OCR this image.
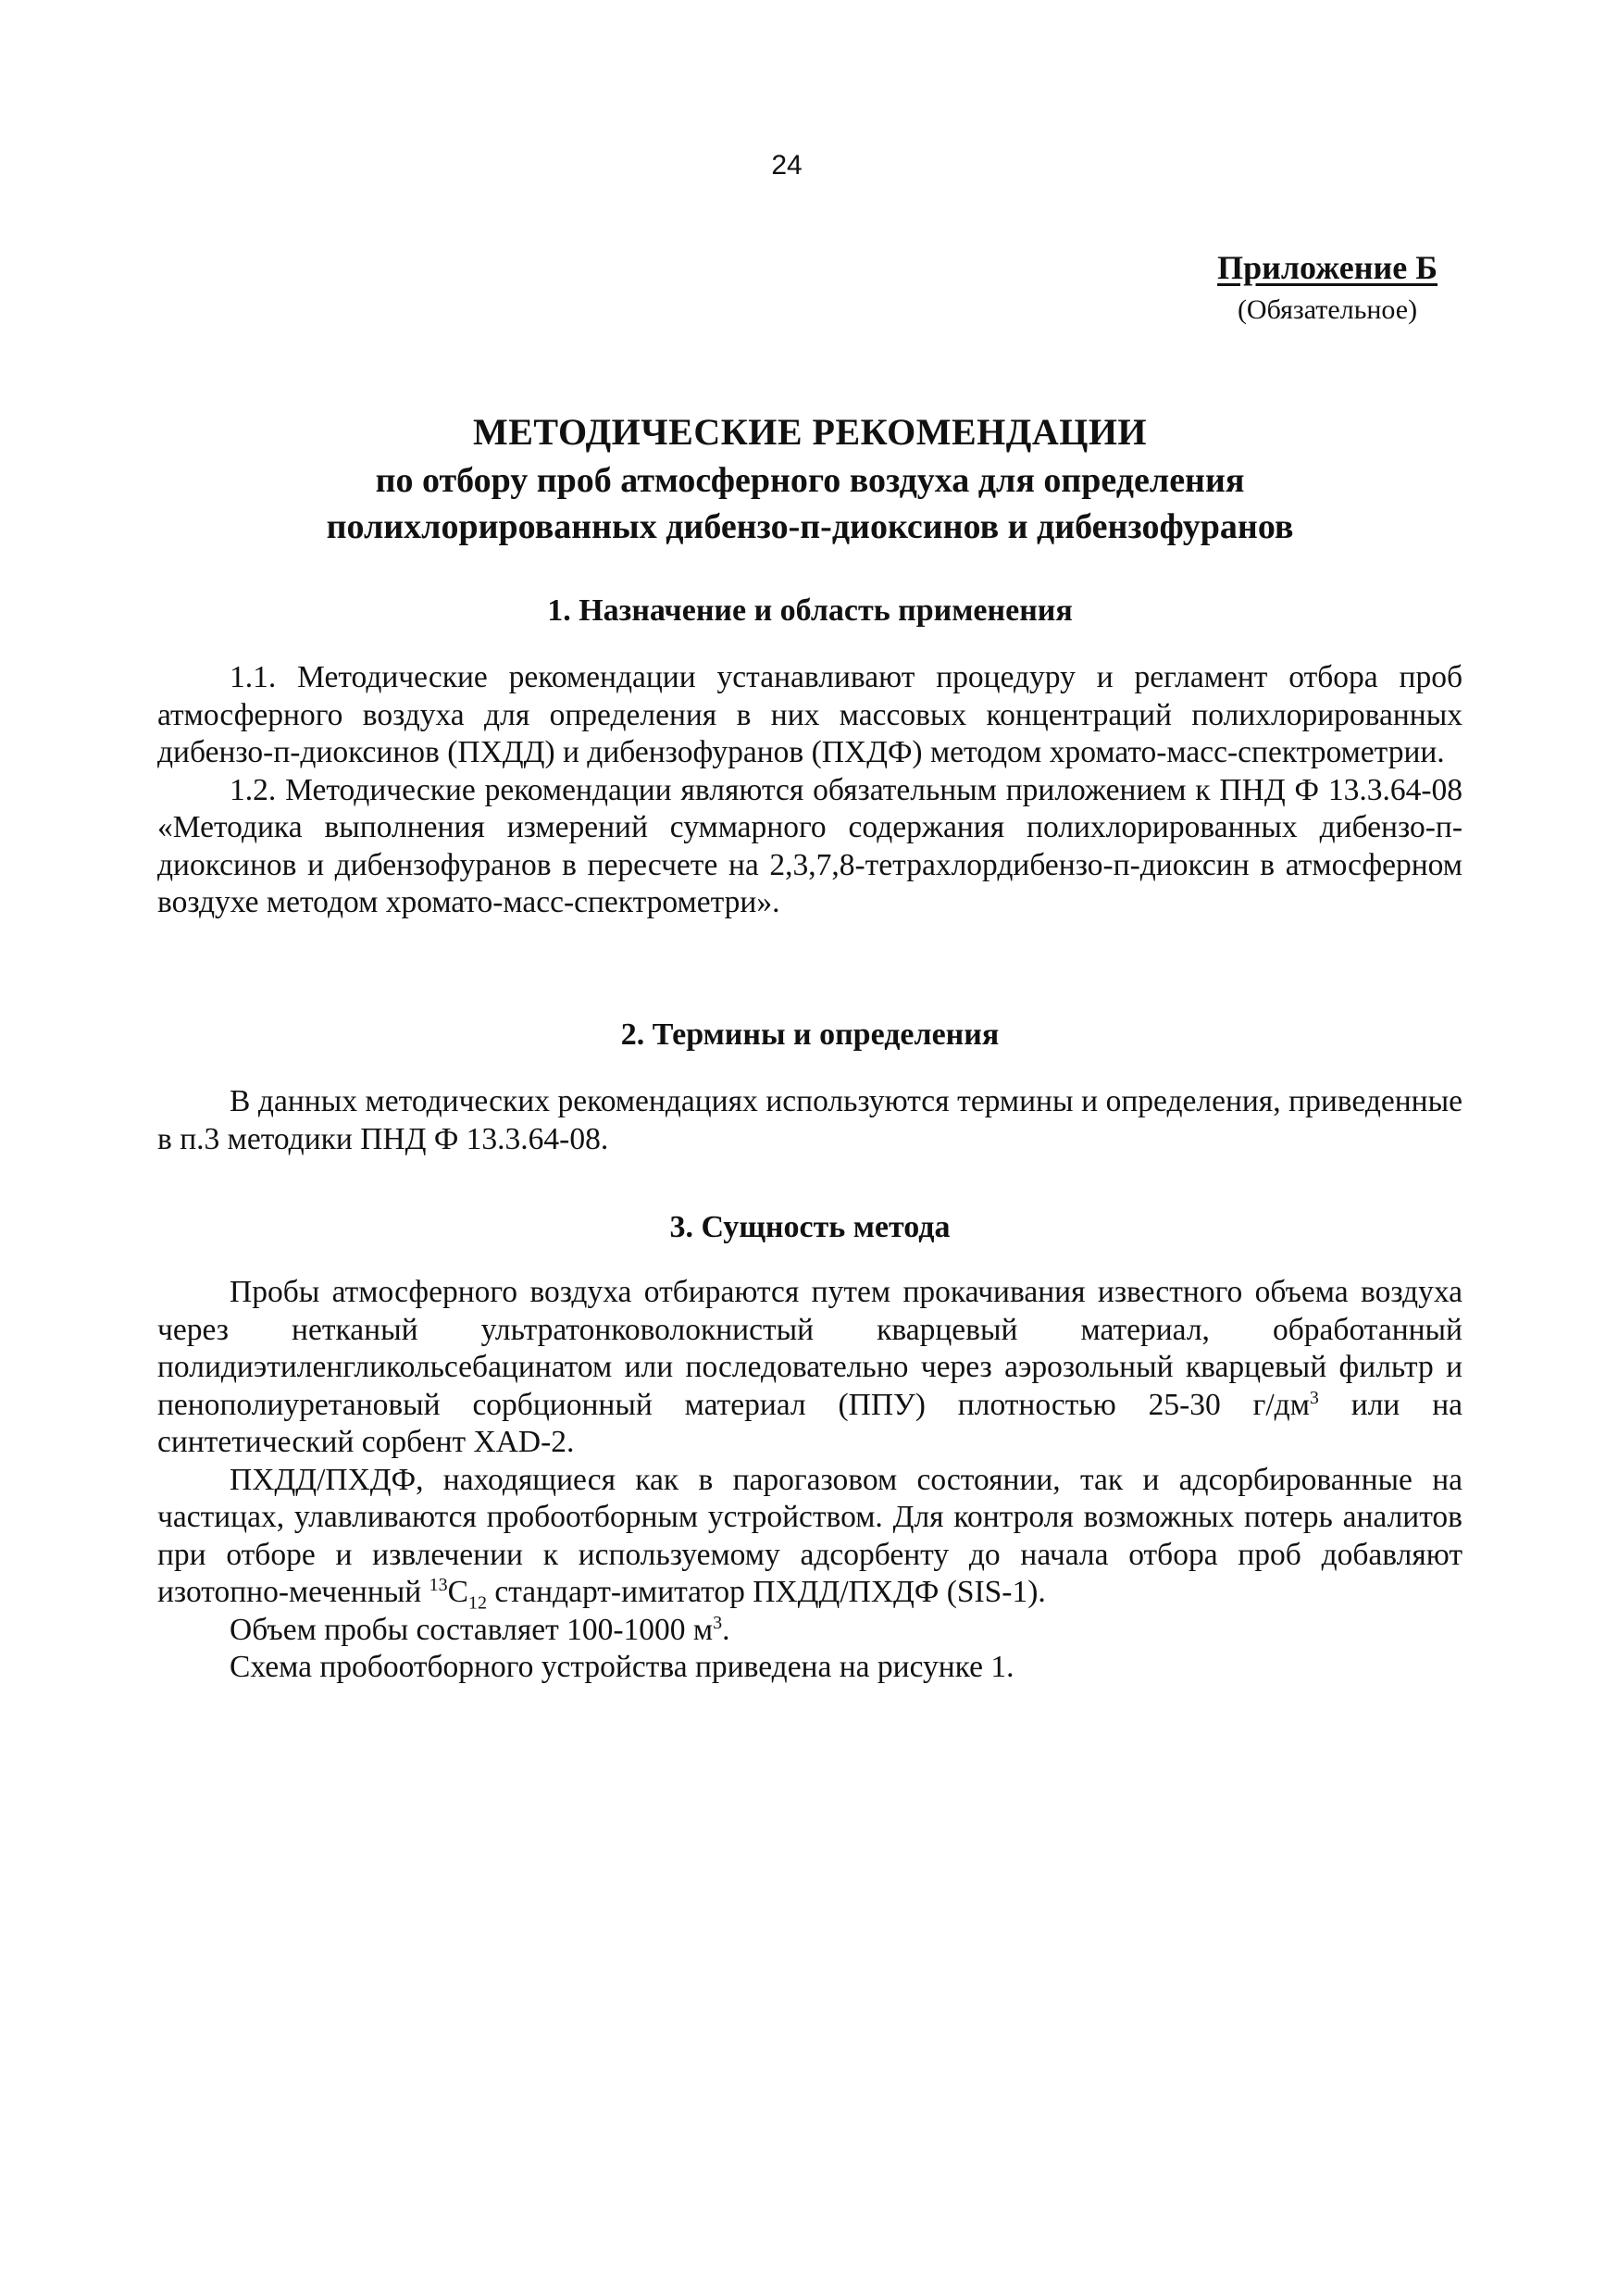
24
Приложение Б
(Обязательное)
МЕТОДИЧЕСКИЕ РЕКОМЕНДАЦИИ
по отбору проб атмосферного воздуха для определения
полихлорированных дибензо-п-диоксинов и дибензофуранов
1. Назначение и область применения

1.1. Методические рекомендации устанавливают процедуру и регламент отбора проб атмосферного воздуха для определения в них массовых концентраций полихлорированных дибензо-п-диоксинов (ПХДД) и дибензофуранов (ПХДФ) методом хромато-масс-спектрометрии.

1.2. Методические рекомендации являются обязательным приложением к ПНД Ф 13.3.64-08 «Методика выполнения измерений суммарного содержания полихлорированных дибензо-п-диоксинов и дибензофуранов в пересчете на 2,3,7,8-тетрахлордибензо-п-диоксин в атмосферном воздухе методом хромато-масс-спектрометри».

2. Термины и определения

В данных методических рекомендациях используются термины и определения, приведенные в п.3 методики ПНД Ф 13.3.64-08.

3. Сущность метода

Пробы атмосферного воздуха отбираются путем прокачивания известного объема воздуха через нетканый ультратонковолокнистый кварцевый материал, обработанный полидиэтиленгликольсебацинатом или последовательно через аэрозольный кварцевый фильтр и пенополиуретановый сорбционный материал (ППУ) плотностью 25-30 $г/дм^3$ или на синтетический сорбент XAD-2.

ПХДД/ПХДФ, находящиеся как в парогазовом состоянии, так и адсорбированные на частицах, улавливаются пробоотборным устройством. Для контроля возможных потерь аналитов при отборе и извлечении к используемому адсорбенту до начала отбора проб добавляют изотопно-меченный $^{13}C_{12}$ стандарт-имитатор ПХДД/ПХДФ (SIS-1).

Объем пробы составляет 100-1000 $м^3$.

Схема пробоотборного устройства приведена на рисунке 1.
